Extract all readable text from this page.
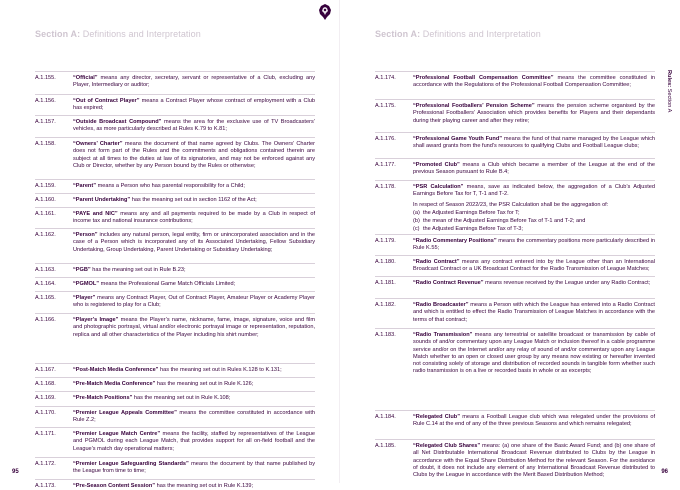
Section A: Definitions and Interpretation
A.1.155.	“Official” means any director, secretary, servant or representative of a Club, excluding any Player, Intermediary or auditor;
A.1.156.	“Out of Contract Player” means a Contract Player whose contract of employment with a Club has expired;
A.1.157.	“Outside Broadcast Compound” means the area for the exclusive use of TV Broadcasters’ vehicles, as more particularly described at Rules K.79 to K.81;
A.1.158.	“Owners’ Charter” means the document of that name agreed by Clubs. The Owners’ Charter does not form part of the Rules and the commitments and obligations contained therein are subject at all times to the duties at law of its signatories, and may not be enforced against any Club or Director, whether by any Person bound by the Rules or otherwise;
A.1.159.	“Parent” means a Person who has parental responsibility for a Child;
A.1.160.	“Parent Undertaking” has the meaning set out in section 1162 of the Act;
A.1.161.	“PAYE and NIC” means any and all payments required to be made by a Club in respect of income tax and national insurance contributions;
A.1.162.	“Person” includes any natural person, legal entity, firm or unincorporated association and in the case of a Person which is incorporated any of its Associated Undertaking, Fellow Subsidiary Undertaking, Group Undertaking, Parent Undertaking or Subsidiary Undertaking;
A.1.163.	“PGB” has the meaning set out in Rule B.23;
A.1.164.	“PGMOL” means the Professional Game Match Officials Limited;
A.1.165.	“Player” means any Contract Player, Out of Contract Player, Amateur Player or Academy Player who is registered to play for a Club;
A.1.166.	“Player’s Image” means the Player’s name, nickname, fame, image, signature, voice and film and photographic portrayal, virtual and/or electronic portrayal image or representation, reputation, replica and all other characteristics of the Player including his shirt number;
A.1.167.	“Post-Match Media Conference” has the meaning set out in Rules K.128 to K.131;
A.1.168.	“Pre-Match Media Conference” has the meaning set out in Rule K.126;
A.1.169.	“Pre-Match Positions” has the meaning set out in Rule K.108;
A.1.170.	“Premier League Appeals Committee” means the committee constituted in accordance with Rule Z.2;
A.1.171.	“Premier League Match Centre” means the facility, staffed by representatives of the League and PGMOL during each League Match, that provides support for all on-field football and the League’s match day operational matters;
A.1.172.	“Premier League Safeguarding Standards” means the document by that name published by the League from time to time;
A.1.173.	“Pre-Season Content Session” has the meaning set out in Rule K.139;
95
Section A: Definitions and Interpretation
A.1.174.	“Professional Football Compensation Committee” means the committee constituted in accordance with the Regulations of the Professional Football Compensation Committee;
A.1.175.	“Professional Footballers’ Pension Scheme” means the pension scheme organised by the Professional Footballers’ Association which provides benefits for Players and their dependants during their playing career and after they retire;
A.1.176.	“Professional Game Youth Fund” means the fund of that name managed by the League which shall award grants from the fund’s resources to qualifying Clubs and Football League clubs;
A.1.177.	“Promoted Club” means a Club which became a member of the League at the end of the previous Season pursuant to Rule B.4;
A.1.178.	“PSR Calculation” means, save as indicated below, the aggregation of a Club’s Adjusted Earnings Before Tax for T, T-1 and T-2.
In respect of Season 2022/23, the PSR Calculation shall be the aggregation of:
(a) the Adjusted Earnings Before Tax for T;
(b) the mean of the Adjusted Earnings Before Tax of T-1 and T-2; and
(c) the Adjusted Earnings Before Tax of T-3;
A.1.179.	“Radio Commentary Positions” means the commentary positions more particularly described in Rule K.55;
A.1.180.	“Radio Contract” means any contract entered into by the League other than an International Broadcast Contract or a UK Broadcast Contract for the Radio Transmission of League Matches;
A.1.181.	“Radio Contract Revenue” means revenue received by the League under any Radio Contract;
A.1.182.	“Radio Broadcaster” means a Person with which the League has entered into a Radio Contract and which is entitled to effect the Radio Transmission of League Matches in accordance with the terms of that contract;
A.1.183.	“Radio Transmission” means any terrestrial or satellite broadcast or transmission by cable of sounds of and/or commentary upon any League Match or inclusion thereof in a cable programme service and/or on the Internet and/or any relay of sound of and/or commentary upon any League Match whether to an open or closed user group by any means now existing or hereafter invented not consisting solely of storage and distribution of recorded sounds in tangible form whether such radio transmission is on a live or recorded basis in whole or as excerpts;
A.1.184.	“Relegated Club” means a Football League club which was relegated under the provisions of Rule C.14 at the end of any of the three previous Seasons and which remains relegated;
A.1.185.	“Relegated Club Shares” means: (a) one share of the Basic Award Fund; and (b) one share of all Net Distributable International Broadcast Revenue distributed to Clubs by the League in accordance with the Equal Share Distribution Method for the relevant Season. For the avoidance of doubt, it does not include any element of any International Broadcast Revenue distributed to Clubs by the League in accordance with the Merit Based Distribution Method;
96
Rules: Section A
